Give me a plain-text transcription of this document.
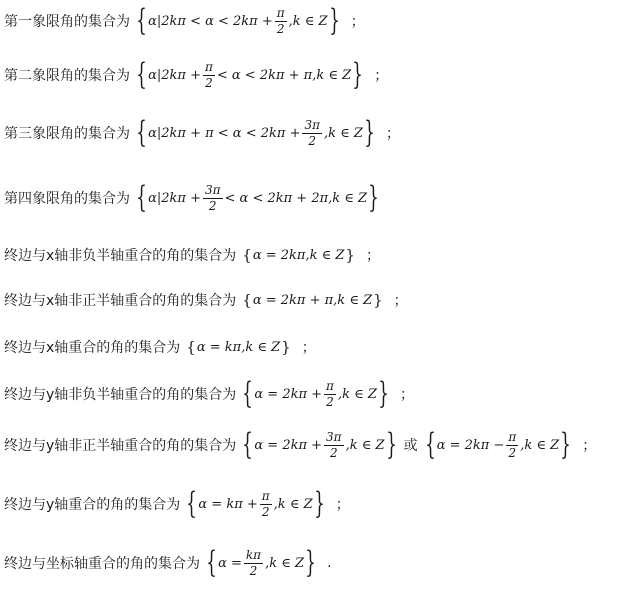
第一象限角的集合为 { $\alpha|2k\pi < \alpha < 2k\pi + \frac{\pi}{2} ,k$ ∈ Z } ；
第二象限角的集合为 { $\alpha|2k\pi + \frac{\pi}{2} < \alpha < 2k\pi + \pi,k$ ∈ Z } ；
第三象限角的集合为 { $\alpha|2k\pi + \pi < \alpha < 2k\pi + \frac{3\pi}{2} ,k$ ∈ Z } ；
第四象限角的集合为 { $\alpha|2k\pi + \frac{3\pi}{2} < \alpha < 2k\pi + 2\pi,k$ ∈ Z }
终边与x轴非负半轴重合的角的集合为 { α = 2kπ,k ∈ Z } ；
终边与x轴非正半轴重合的角的集合为 { α = 2kπ + π,k ∈ Z } ；
终边与x轴重合的角的集合为 { α = kπ,k ∈ Z } ；
终边与y轴非负半轴重合的角的集合为 { $\alpha = 2k\pi + \frac{\pi}{2} ,k$ ∈ Z } ；
终边与y轴非正半轴重合的角的集合为 { $\alpha = 2k\pi + \frac{3\pi}{2} ,k$ ∈ Z } 或 { $\alpha = 2k\pi - \frac{\pi}{2} ,k$ ∈ Z } ；
终边与y轴重合的角的集合为 { $\alpha = k\pi + \frac{\pi}{2} ,k$ ∈ Z } ；
终边与坐标轴重合的角的集合为 { $\alpha = \frac{k\pi}{2} ,k$ ∈ Z } .
